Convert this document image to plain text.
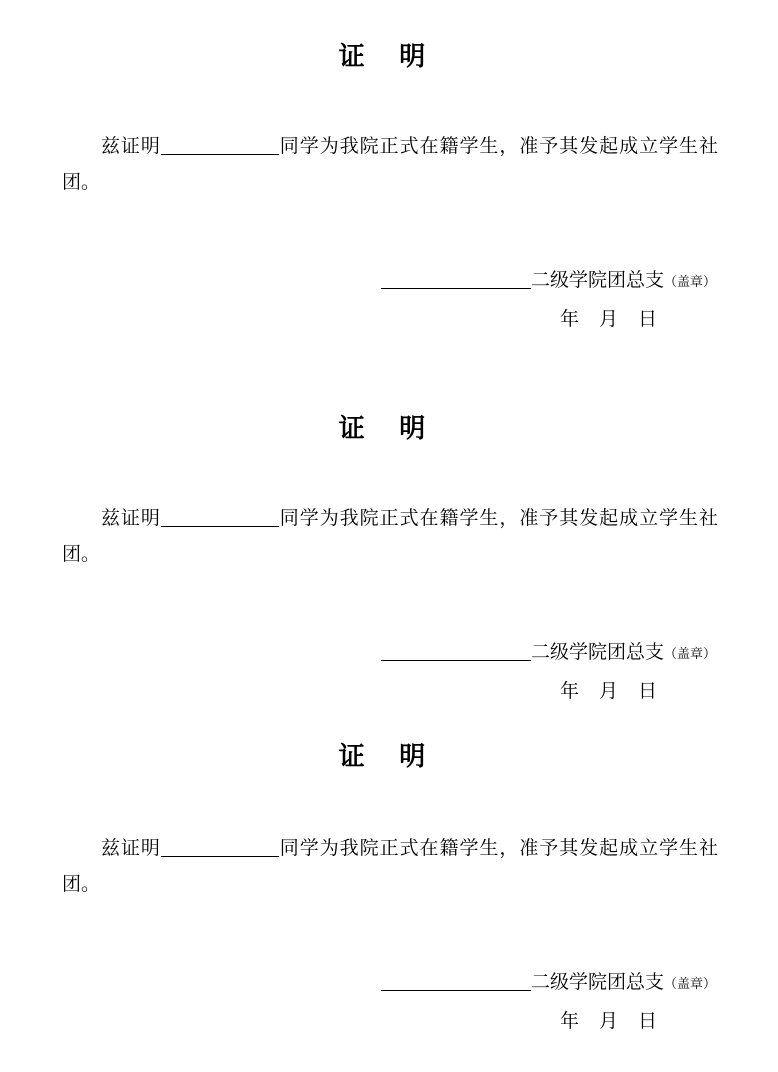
证 明
兹证明	同学为我院正式在籍学生，准予其发起成立学生社团。
二级学院团总支（盖章）
年 月 日
证 明
兹证明	同学为我院正式在籍学生，准予其发起成立学生社团。
二级学院团总支（盖章）
年 月 日
证 明
兹证明	同学为我院正式在籍学生，准予其发起成立学生社团。
二级学院团总支（盖章）
年 月 日
